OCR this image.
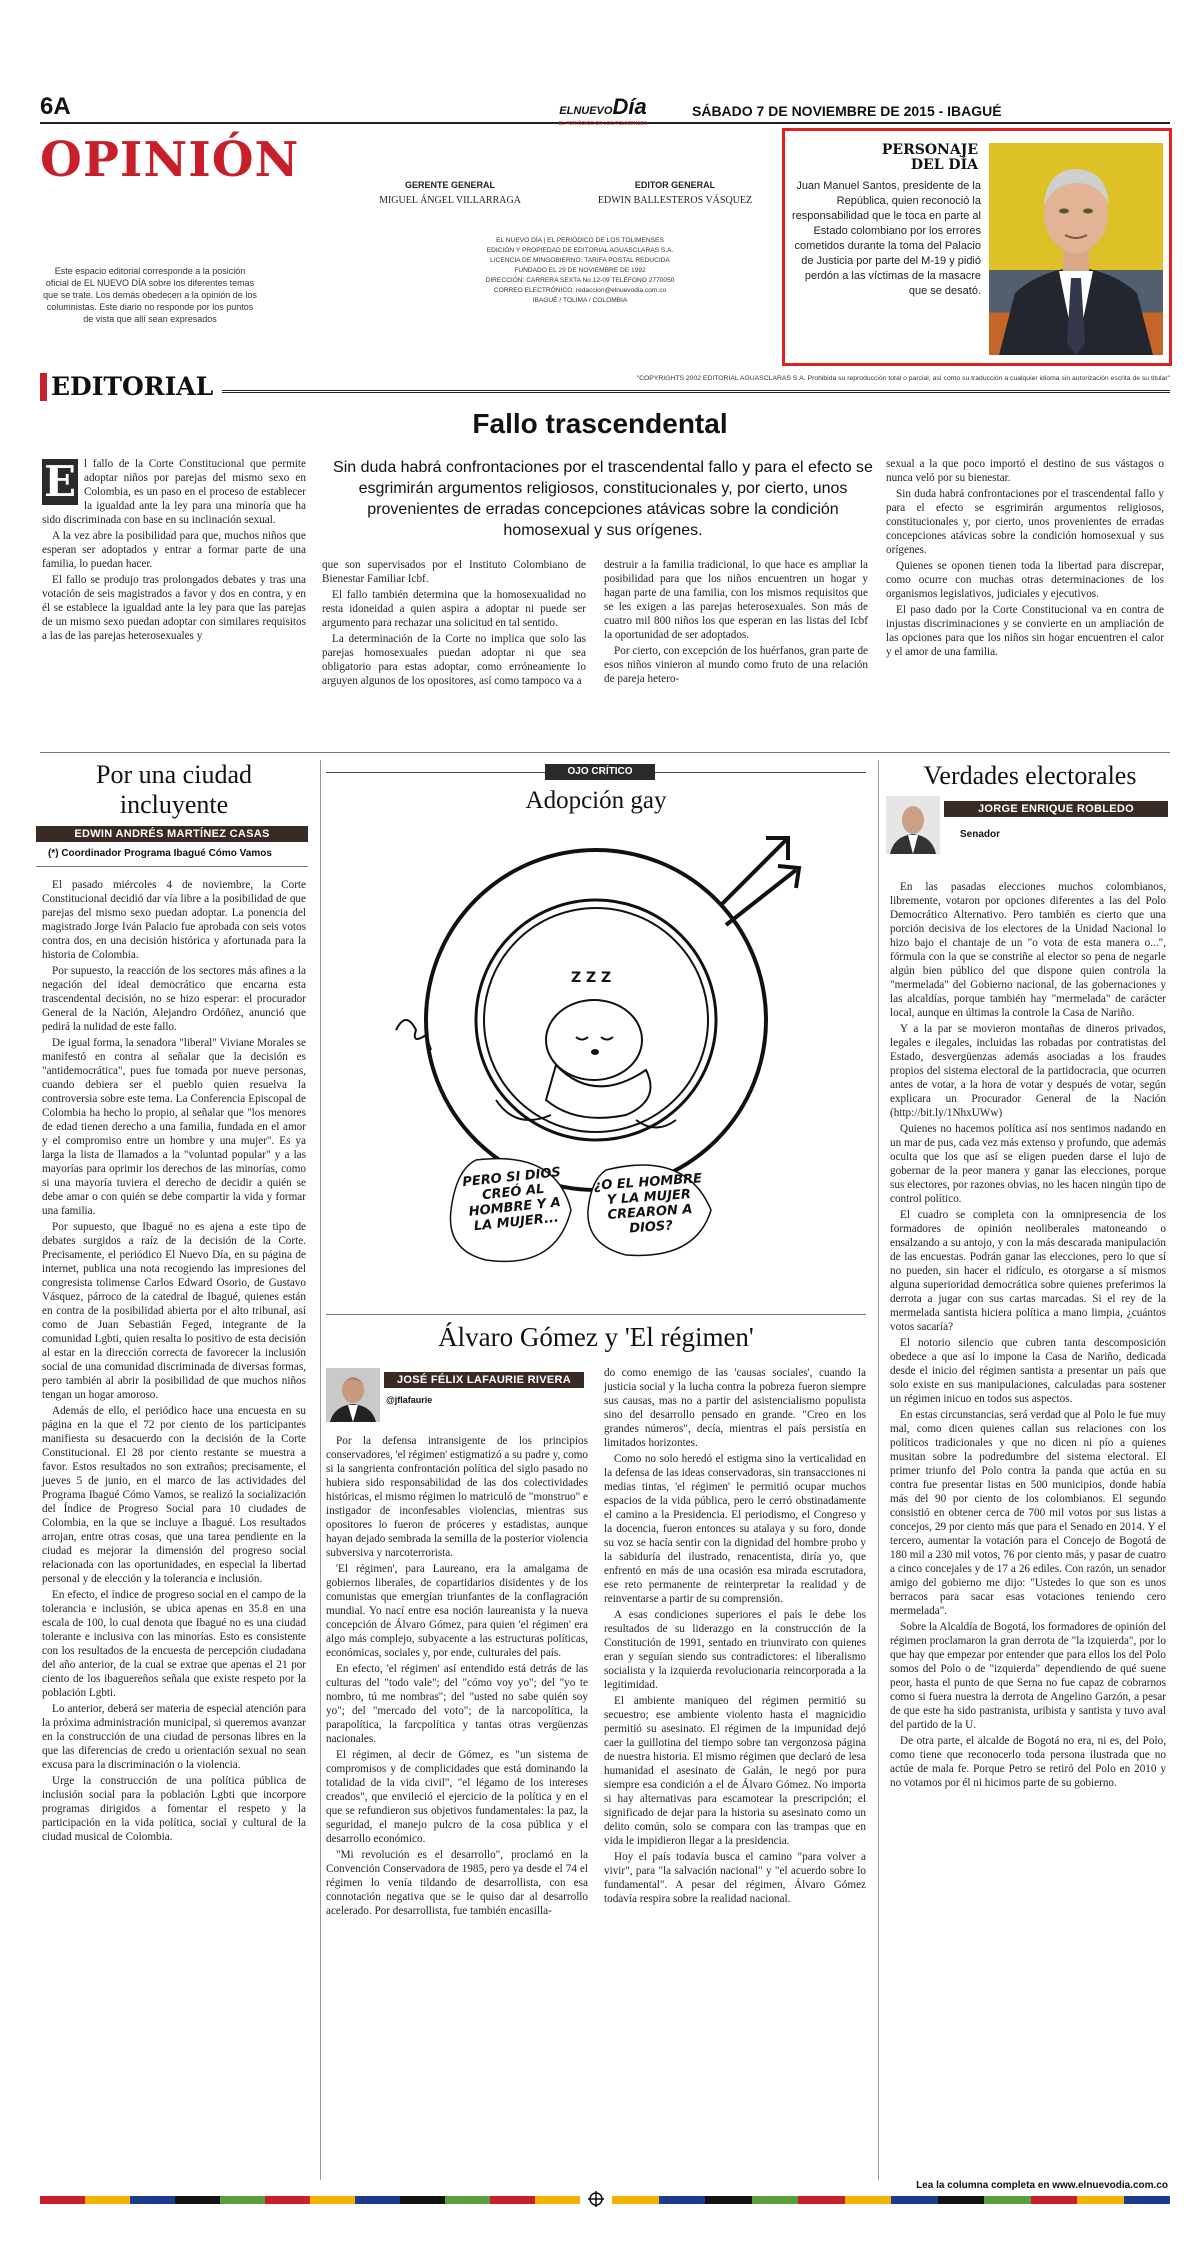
6A	ELNUEVODía
EL PERIÓDICO DE LOS TOLIMENSES
SÁBADO 7 DE NOVIEMBRE DE 2015 - IBAGUÉ
OPINIÓN
Este espacio editorial corresponde a la posición oficial de EL NUEVO DÍA sobre los diferentes temas que se trate. Los demás obedecen a la opinión de los columnistas. Este diario no responde por los puntos de vista que allí sean expresados
GERENTE GENERAL
MIGUEL ÁNGEL VILLARRAGA
EDITOR GENERAL
EDWIN BALLESTEROS VÁSQUEZ
EL NUEVO DÍA | EL PERIÓDICO DE LOS TOLIMENSES
EDICIÓN Y PROPIEDAD DE EDITORIAL AGUASCLARAS S.A.
LICENCIA DE MINGOBIERNO. TARIFA POSTAL REDUCIDA
FUNDADO EL 29 DE NOVIEMBRE DE 1992
DIRECCIÓN: CARRERA SEXTA No 12-09 TELÉFONO 2770050
CORREO ELECTRÓNICO: redaccion@elnuevodia.com.co
IBAGUÉ / TOLIMA / COLOMBIA
PERSONAJE
DEL DÍA
Juan Manuel Santos, presidente de la República, quien reconoció la responsabilidad que le toca en parte al Estado colombiano por los errores cometidos durante la toma del Palacio de Justicia por parte del M-19 y pidió perdón a las víctimas de la masacre que se desató.
EDITORIAL	"COPYRIGHTS 2002 EDITORIAL AGUASCLARAS S.A. Prohibida su reproducción total o parcial, así como su traducción a cualquier idioma sin autorización escrita de su titular"
Fallo trascendental
Sin duda habrá confrontaciones por el trascendental fallo y para el efecto se esgrimirán argumentos religiosos, constitucionales y, por cierto, unos provenientes de erradas concepciones atávicas sobre la condición homosexual y sus orígenes.
E l fallo de la Corte Constitucional que permite adoptar niños por parejas del mismo sexo en Colombia, es un paso en el proceso de establecer la igualdad ante la ley para una minoría que ha sido discriminada con base en su inclinación sexual.

A la vez abre la posibilidad para que, muchos niños que esperan ser adoptados y entrar a formar parte de una familia, lo puedan hacer.

El fallo se produjo tras prolongados debates y tras una votación de seis magistrados a favor y dos en contra, y en él se establece la igualdad ante la ley para que las parejas de un mismo sexo puedan adoptar con similares requisitos a las de las parejas heterosexuales y

que son supervisados por el Instituto Colombiano de Bienestar Familiar Icbf.

El fallo también determina que la homosexualidad no resta idoneidad a quien aspira a adoptar ni puede ser argumento para rechazar una solicitud en tal sentido.

La determinación de la Corte no implica que solo las parejas homosexuales puedan adoptar ni que sea obligatorio para estas adoptar, como erróneamente lo arguyen algunos de los opositores, así como tampoco va a

destruir a la familia tradicional, lo que hace es ampliar la posibilidad para que los niños encuentren un hogar y hagan parte de una familia, con los mismos requisitos que se les exigen a las parejas heterosexuales. Son más de cuatro mil 800 niños los que esperan en las listas del Icbf la oportunidad de ser adoptados.

Por cierto, con excepción de los huérfanos, gran parte de esos niños vinieron al mundo como fruto de una relación de pareja hetero-

sexual a la que poco importó el destino de sus vástagos o nunca veló por su bienestar.

Sin duda habrá confrontaciones por el trascendental fallo y para el efecto se esgrimirán argumentos religiosos, constitucionales y, por cierto, unos provenientes de erradas concepciones atávicas sobre la condición homosexual y sus orígenes.

Quienes se oponen tienen toda la libertad para discrepar, como ocurre con muchas otras determinaciones de los organismos legislativos, judiciales y ejecutivos.

El paso dado por la Corte Constitucional va en contra de injustas discriminaciones y se convierte en un ampliación de las opciones para que los niños sin hogar encuentren el calor y el amor de una familia.

Por una ciudad incluyente
EDWIN ANDRÉS MARTÍNEZ CASAS
(*) Coordinador Programa Ibagué Cómo Vamos

El pasado miércoles 4 de noviembre, la Corte Constitucional decidió dar vía libre a la posibilidad de que parejas del mismo sexo puedan adoptar. La ponencia del magistrado Jorge Iván Palacio fue aprobada con seis votos contra dos, en una decisión histórica y afortunada para la historia de Colombia.

Por supuesto, la reacción de los sectores más afines a la negación del ideal democrático que encarna esta trascendental decisión, no se hizo esperar: el procurador General de la Nación, Alejandro Ordóñez, anunció que pedirá la nulidad de este fallo.

De igual forma, la senadora "liberal" Viviane Morales se manifestó en contra al señalar que la decisión es "antidemocrática", pues fue tomada por nueve personas, cuando debiera ser el pueblo quien resuelva la controversia sobre este tema. La Conferencia Episcopal de Colombia ha hecho lo propio, al señalar que "los menores de edad tienen derecho a una familia, fundada en el amor y el compromiso entre un hombre y una mujer". Es ya larga la lista de llamados a la "voluntad popular" y a las mayorías para oprimir los derechos de las minorías, como si una mayoría tuviera el derecho de decidir a quién se debe amar o con quién se debe compartir la vida y formar una familia.

Por supuesto, que Ibagué no es ajena a este tipo de debates surgidos a raíz de la decisión de la Corte. Precisamente, el periódico El Nuevo Día, en su página de internet, publica una nota recogiendo las impresiones del congresista tolimense Carlos Edward Osorio, de Gustavo Vásquez, párroco de la catedral de Ibagué, quienes están en contra de la posibilidad abierta por el alto tribunal, así como de Juan Sebastián Feged, integrante de la comunidad Lgbti, quien resalta lo positivo de esta decisión al estar en la dirección correcta de favorecer la inclusión social de una comunidad discriminada de diversas formas, pero también al abrir la posibilidad de que muchos niños tengan un hogar amoroso.

Además de ello, el periódico hace una encuesta en su página en la que el 72 por ciento de los participantes manifiesta su desacuerdo con la decisión de la Corte Constitucional. El 28 por ciento restante se muestra a favor. Estos resultados no son extraños; precisamente, el jueves 5 de junio, en el marco de las actividades del Programa Ibagué Cómo Vamos, se realizó la socialización del Índice de Progreso Social para 10 ciudades de Colombia, en la que se incluye a Ibagué. Los resultados arrojan, entre otras cosas, que una tarea pendiente en la ciudad es mejorar la dimensión del progreso social relacionada con las oportunidades, en especial la libertad personal y de elección y la tolerancia e inclusión.

En efecto, el índice de progreso social en el campo de la tolerancia e inclusión, se ubica apenas en 35.8 en una escala de 100, lo cual denota que Ibagué no es una ciudad tolerante e inclusiva con las minorías. Esto es consistente con los resultados de la encuesta de percepción ciudadana del año anterior, de la cual se extrae que apenas el 21 por ciento de los ibaguereños señala que existe respeto por la población Lgbti.

Lo anterior, deberá ser materia de especial atención para la próxima administración municipal, si queremos avanzar en la construcción de una ciudad de personas libres en la que las diferencias de credo u orientación sexual no sean excusa para la discriminación o la violencia.

Urge la construcción de una política pública de inclusión social para la población Lgbti que incorpore programas dirigidos a fomentar el respeto y la participación en la vida política, social y cultural de la ciudad musical de Colombia.

OJO CRÍTICO
Adopción gay
Z Z Z
PERO SI DIOS CREÓ AL HOMBRE Y A LA MUJER...
¿O EL HOMBRE Y LA MUJER CREARON A DIOS?
Álvaro Gómez y 'El régimen'
JOSÉ FÉLIX LAFAURIE RIVERA
@jflafaurie

Por la defensa intransigente de los principios conservadores, 'el régimen' estigmatizó a su padre y, como si la sangrienta confrontación política del siglo pasado no hubiera sido responsabilidad de las dos colectividades históricas, el mismo régimen lo matriculó de "monstruo" e instigador de inconfesables violencias, mientras sus opositores lo fueron de próceres y estadistas, aunque hayan dejado sembrada la semilla de la posterior violencia subversiva y narcoterrorista.

'El régimen', para Laureano, era la amalgama de gobiernos liberales, de copartidarios disidentes y de los comunistas que emergían triunfantes de la conflagración mundial. Yo nací entre esa noción laureanista y la nueva concepción de Álvaro Gómez, para quien 'el régimen' era algo más complejo, subyacente a las estructuras políticas, económicas, sociales y, por ende, culturales del país.

En efecto, 'el régimen' así entendido está detrás de las culturas del "todo vale"; del "cómo voy yo"; del "yo te nombro, tú me nombras"; del "usted no sabe quién soy yo"; del "mercado del voto"; de la narcopolítica, la parapolítica, la farcpolítica y tantas otras vergüenzas nacionales.

El régimen, al decir de Gómez, es "un sistema de compromisos y de complicidades que está dominando la totalidad de la vida civil", "el légamo de los intereses creados", que envileció el ejercicio de la política y en el que se refundieron sus objetivos fundamentales: la paz, la seguridad, el manejo pulcro de la cosa pública y el desarrollo económico.

"Mi revolución es el desarrollo", proclamó en la Convención Conservadora de 1985, pero ya desde el 74 el régimen lo venía tildando de desarrollista, con esa connotación negativa que se le quiso dar al desarrollo acelerado. Por desarrollista, fue también encasilla-

do como enemigo de las 'causas sociales', cuando la justicia social y la lucha contra la pobreza fueron siempre sus causas, mas no a partir del asistencialismo populista sino del desarrollo pensado en grande. "Creo en los grandes números", decía, mientras el país persistía en limitados horizontes.

Como no solo heredó el estigma sino la verticalidad en la defensa de las ideas conservadoras, sin transacciones ni medias tintas, 'el régimen' le permitió ocupar muchos espacios de la vida pública, pero le cerró obstinadamente el camino a la Presidencia. El periodismo, el Congreso y la docencia, fueron entonces su atalaya y su foro, donde su voz se hacía sentir con la dignidad del hombre probo y la sabiduría del ilustrado, renacentista, diría yo, que enfrentó en más de una ocasión esa mirada escrutadora, ese reto permanente de reinterpretar la realidad y de reinventarse a partir de su comprensión.

A esas condiciones superiores el país le debe los resultados de su liderazgo en la construcción de la Constitución de 1991, sentado en triunvirato con quienes eran y seguían siendo sus contradictores: el liberalismo socialista y la izquierda revolucionaria reincorporada a la legitimidad.

El ambiente maniqueo del régimen permitió su secuestro; ese ambiente violento hasta el magnicidio permitió su asesinato. El régimen de la impunidad dejó caer la guillotina del tiempo sobre tan vergonzosa página de nuestra historia. El mismo régimen que declaró de lesa humanidad el asesinato de Galán, le negó por pura siempre esa condición a el de Álvaro Gómez. No importa si hay alternativas para escamotear la prescripción; el significado de dejar para la historia su asesinato como un delito común, solo se compara con las trampas que en vida le impidieron llegar a la presidencia.

Hoy el país todavía busca el camino "para volver a vivir", para "la salvación nacional" y "el acuerdo sobre lo fundamental". A pesar del régimen, Álvaro Gómez todavía respira sobre la realidad nacional.

Verdades electorales
JORGE ENRIQUE ROBLEDO
Senador

En las pasadas elecciones muchos colombianos, libremente, votaron por opciones diferentes a las del Polo Democrático Alternativo. Pero también es cierto que una porción decisiva de los electores de la Unidad Nacional lo hizo bajo el chantaje de un "o vota de esta manera o...", fórmula con la que se constriñe al elector so pena de negarle algún bien público del que dispone quien controla la "mermelada" del Gobierno nacional, de las gobernaciones y las alcaldías, porque también hay "mermelada" de carácter local, aunque en últimas la controle la Casa de Nariño.

Y a la par se movieron montañas de dineros privados, legales e ilegales, incluidas las robadas por contratistas del Estado, desvergüenzas además asociadas a los fraudes propios del sistema electoral de la partidocracia, que ocurren antes de votar, a la hora de votar y después de votar, según explicara un Procurador General de la Nación (http://bit.ly/1NhxUWw)

Quienes no hacemos política así nos sentimos nadando en un mar de pus, cada vez más extenso y profundo, que además oculta que los que así se eligen pueden darse el lujo de gobernar de la peor manera y ganar las elecciones, porque sus electores, por razones obvias, no les hacen ningún tipo de control político.

El cuadro se completa con la omnipresencia de los formadores de opinión neoliberales matoneando o ensalzando a su antojo, y con la más descarada manipulación de las encuestas. Podrán ganar las elecciones, pero lo que sí no pueden, sin hacer el ridículo, es otorgarse a sí mismos alguna superioridad democrática sobre quienes preferimos la derrota a jugar con sus cartas marcadas. Si el rey de la mermelada santista hiciera política a mano limpia, ¿cuántos votos sacaría?

El notorio silencio que cubren tanta descomposición obedece a que así lo impone la Casa de Nariño, dedicada desde el inicio del régimen santista a presentar un país que solo existe en sus manipulaciones, calculadas para sostener un régimen inicuo en todos sus aspectos.

En estas circunstancias, será verdad que al Polo le fue muy mal, como dicen quienes callan sus relaciones con los políticos tradicionales y que no dicen ni pío a quienes musitan sobre la podredumbre del sistema electoral. El primer triunfo del Polo contra la panda que actúa en su contra fue presentar listas en 500 municipios, donde había más del 90 por ciento de los colombianos. El segundo consistió en obtener cerca de 700 mil votos por sus listas a concejos, 29 por ciento más que para el Senado en 2014. Y el tercero, aumentar la votación para el Concejo de Bogotá de 180 mil a 230 mil votos, 76 por ciento más, y pasar de cuatro a cinco concejales y de 17 a 26 ediles. Con razón, un senador amigo del gobierno me dijo: "Ustedes lo que son es unos berracos para sacar esas votaciones teniendo cero mermelada".

Sobre la Alcaldía de Bogotá, los formadores de opinión del régimen proclamaron la gran derrota de "la izquierda", por lo que hay que empezar por entender que para ellos los del Polo somos del Polo o de "izquierda" dependiendo de qué suene peor, hasta el punto de que Serna no fue capaz de cobrarnos como si fuera nuestra la derrota de Angelino Garzón, a pesar de que este ha sido pastranista, uribista y santista y tuvo aval del partido de la U.

De otra parte, el alcalde de Bogotá no era, ni es, del Polo, como tiene que reconocerlo toda persona ilustrada que no actúe de mala fe. Porque Petro se retiró del Polo en 2010 y no votamos por él ni hicimos parte de su gobierno.

Lea la columna completa en www.elnuevodia.com.co
